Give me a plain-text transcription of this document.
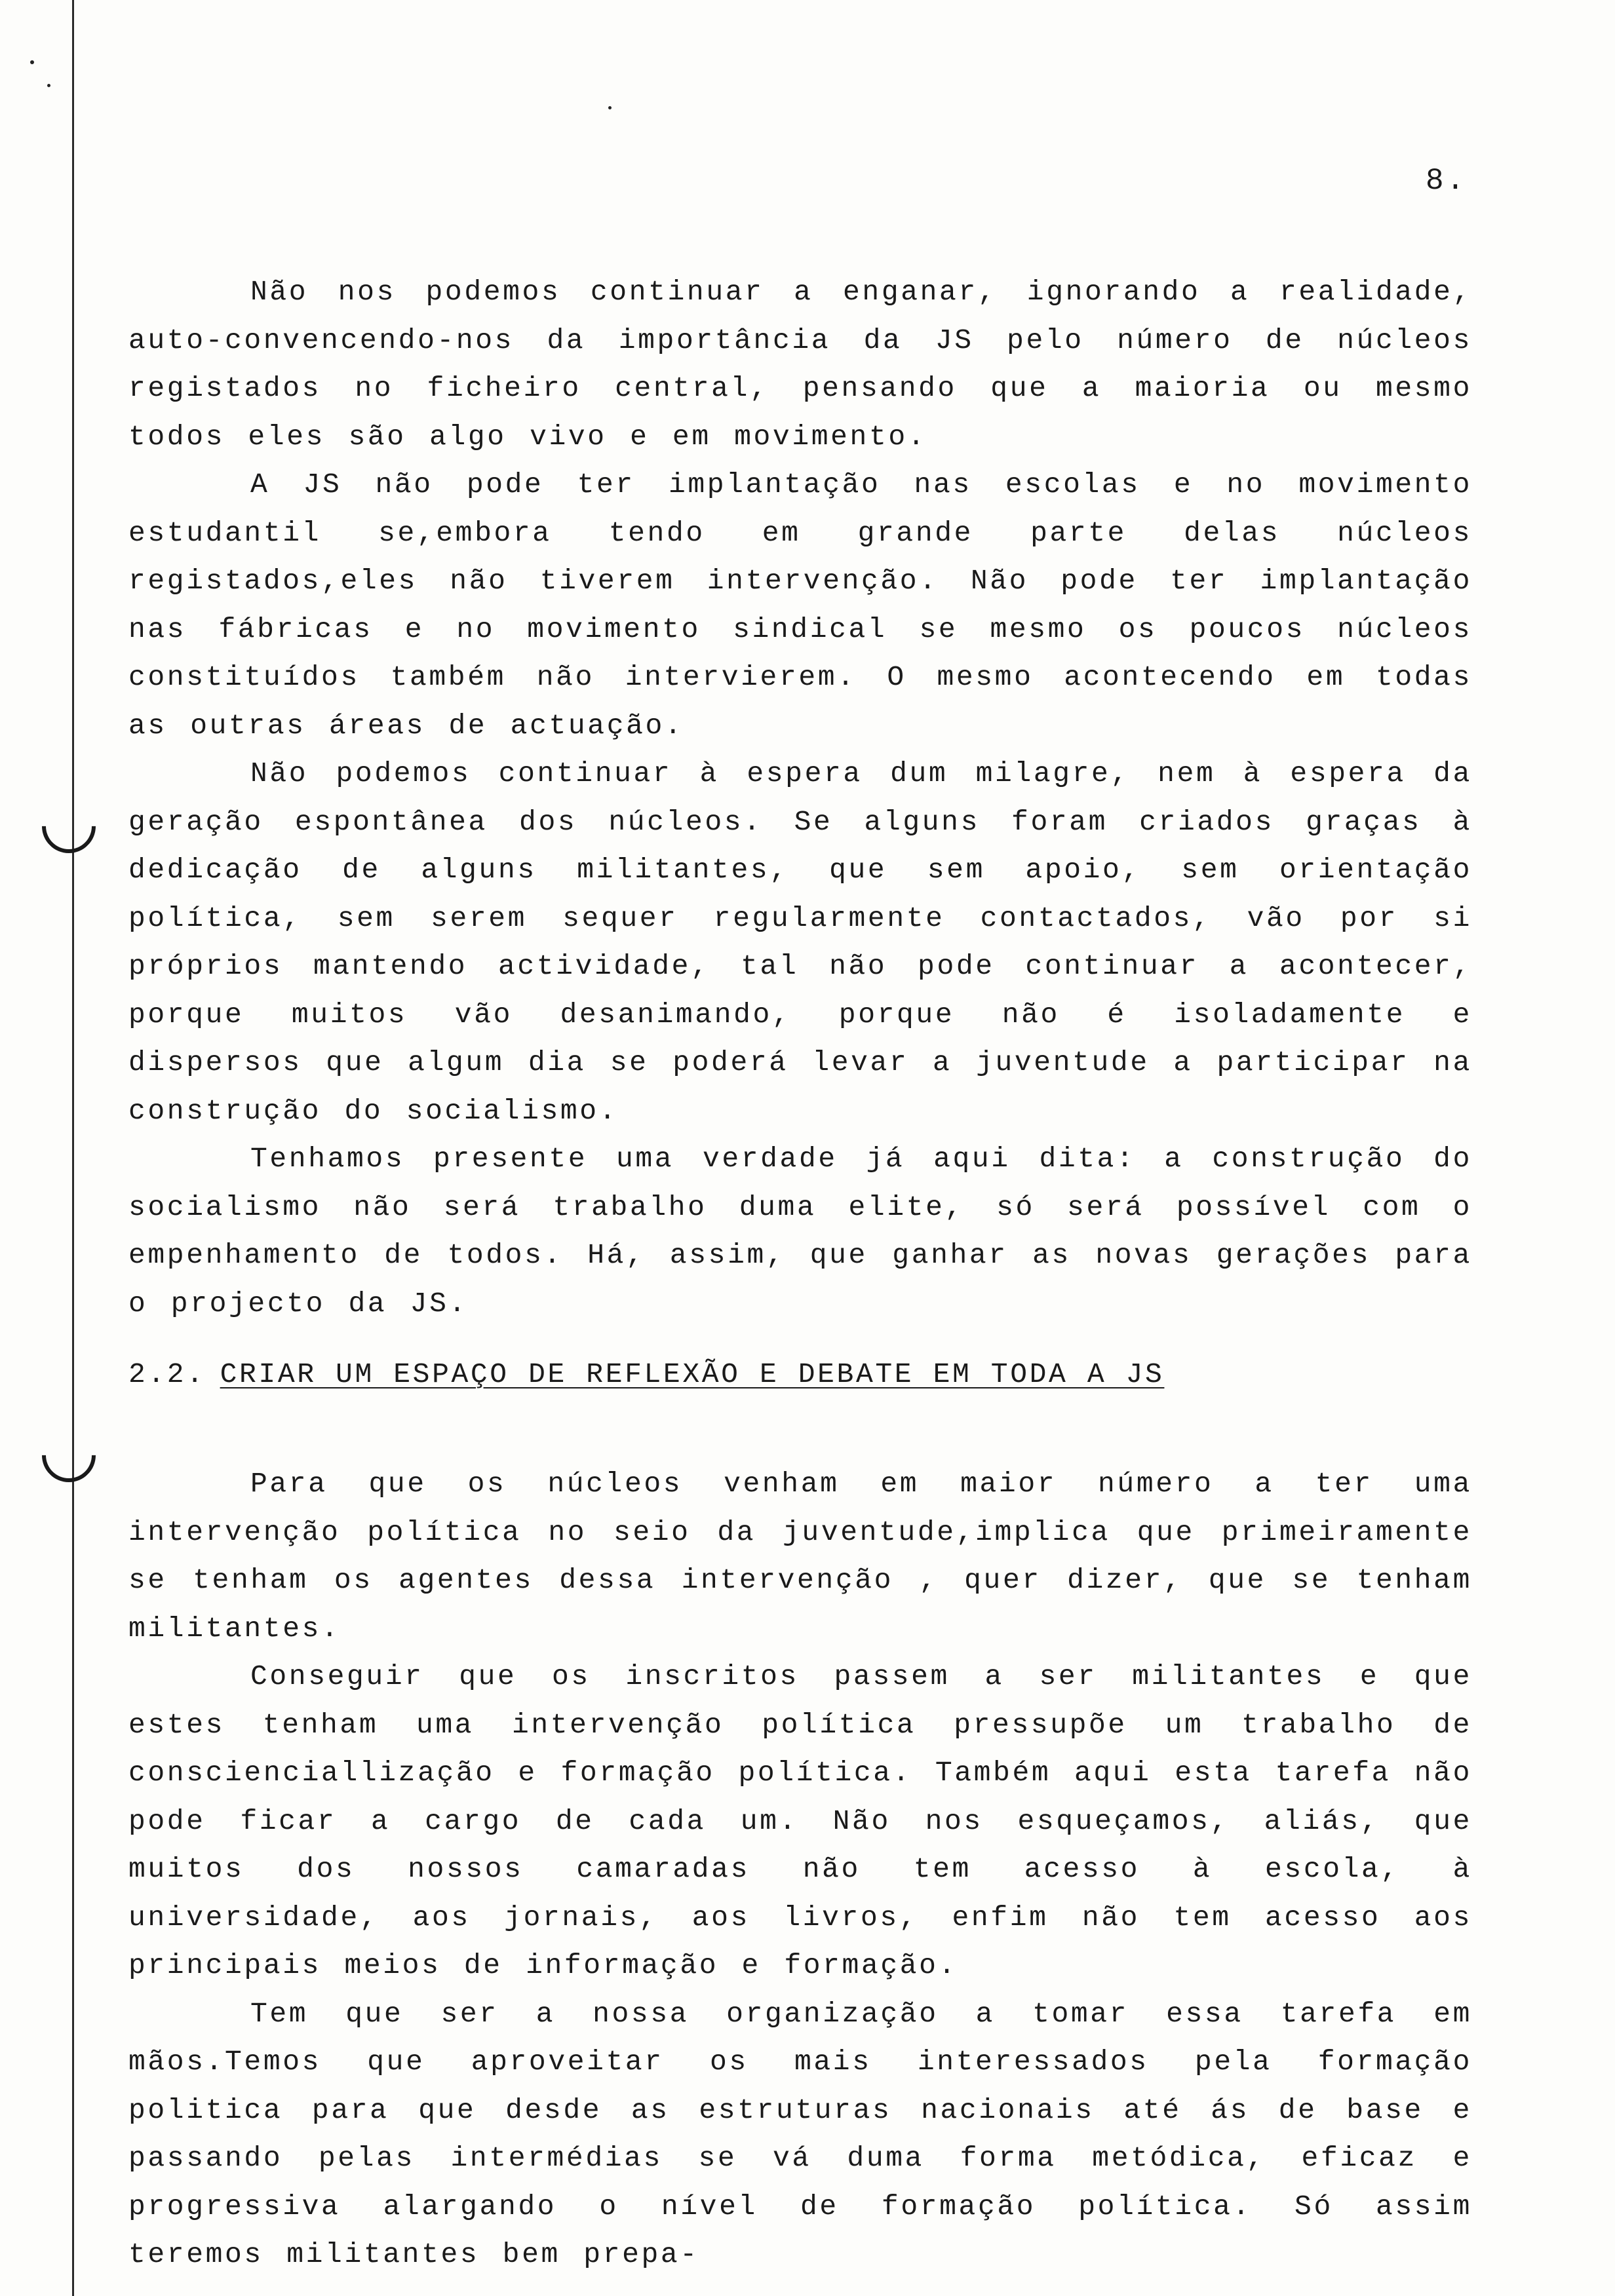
8.

Não nos podemos continuar a enganar, ignorando a realidade, auto-convencendo-nos da importância da JS pelo número de núcleos registados no ficheiro central, pensando que a maioria ou mesmo todos eles são algo vivo e em movimento.

A JS não pode ter implantação nas escolas e no movimento estudantil se,embora tendo em grande parte delas núcleos registados,eles não tiverem intervenção. Não pode ter implantação nas fábricas e no movimento sindical se mesmo os poucos núcleos constituídos também não intervierem. O mesmo acontecendo em todas as outras áreas de actuação.

Não podemos continuar à espera dum milagre, nem à espera da geração espontânea dos núcleos. Se alguns foram criados graças à dedicação de alguns militantes, que sem apoio, sem orientação política, sem serem sequer regularmente contactados, vão por si próprios mantendo actividade, tal não pode continuar a acontecer, porque muitos vão desanimando, porque não é isoladamente e dispersos que algum dia se poderá levar a juventude a participar na construção do socialismo.

Tenhamos presente uma verdade já aqui dita: a construção do socialismo não será trabalho duma elite, só será possível com o empenhamento de todos. Há, assim, que ganhar as novas gerações para o projecto da JS.

2.2. CRIAR UM ESPAÇO DE REFLEXÃO E DEBATE EM TODA A JS

Para que os núcleos venham em maior número a ter uma intervenção política no seio da juventude,implica que primeiramente se tenham os agentes dessa intervenção , quer dizer, que se tenham militantes.

Conseguir que os inscritos passem a ser militantes e que estes tenham uma intervenção política pressupõe um trabalho de conscienciallização e formação política. Também aqui esta tarefa não pode ficar a cargo de cada um. Não nos esqueçamos, aliás, que muitos dos nossos camaradas não tem acesso à escola, à universidade, aos jornais, aos livros, enfim não tem acesso aos principais meios de informação e formação.

Tem que ser a nossa organização a tomar essa tarefa em mãos.Temos que aproveitar os mais interessados pela formação politica para que desde as estruturas nacionais até ás de base e passando pelas intermédias se vá duma forma metódica, eficaz e progressiva alargando o nível de formação política. Só assim teremos militantes bem prepa-
